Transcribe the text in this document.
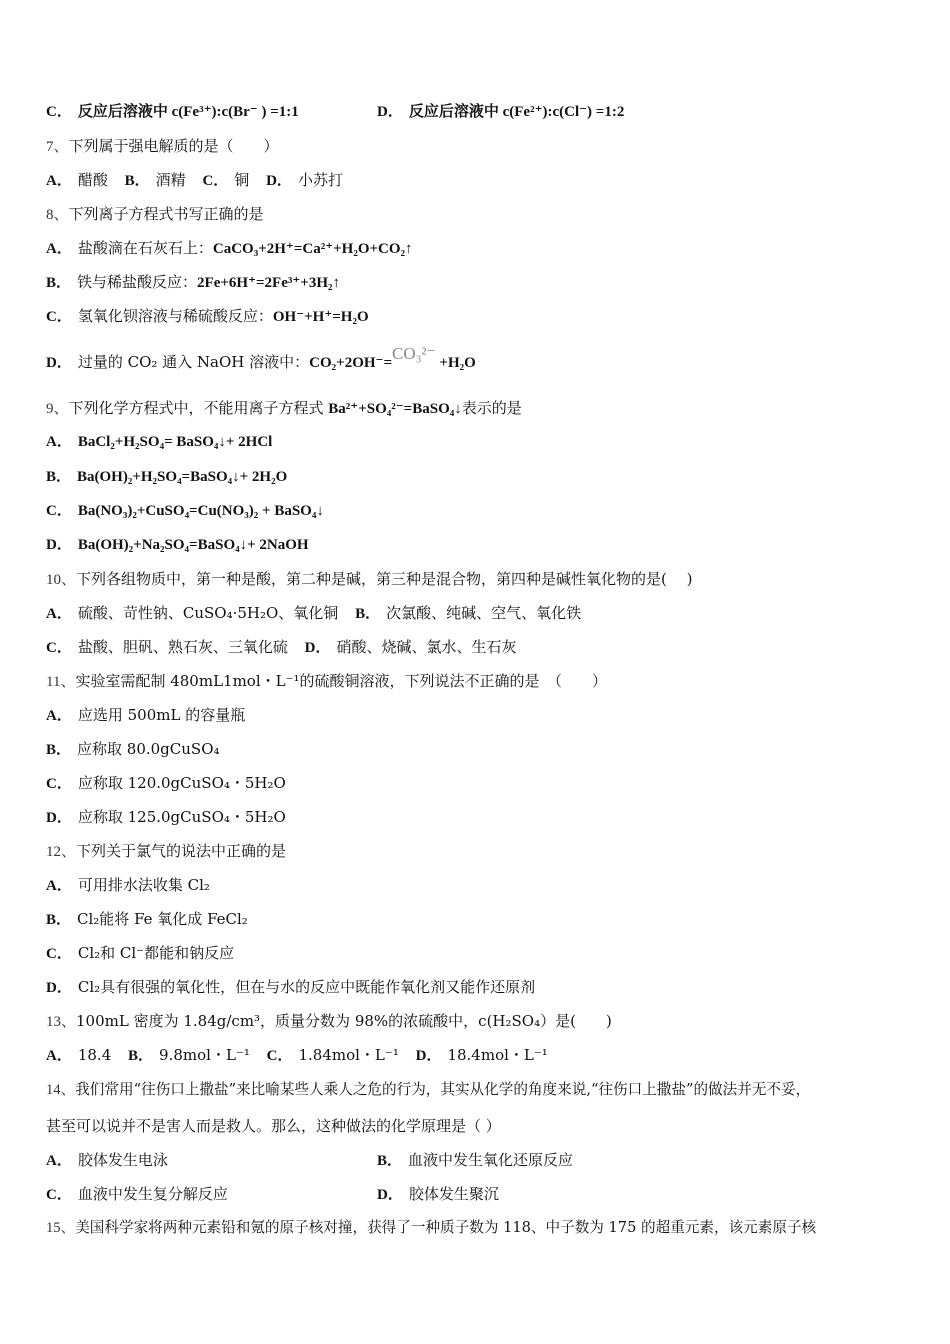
C． 反应后溶液中 c(Fe³⁺):c(Br⁻ ) =1:1	D． 反应后溶液中 c(Fe²⁺):c(Cl⁻) =1:2
7、下列属于强电解质的是（　　）
A． 醋酸 B． 酒精 C． 铜 D． 小苏打
8、下列离子方程式书写正确的是
A． 盐酸滴在石灰石上：CaCO₃+2H⁺=Ca²⁺+H₂O+CO₂↑
B． 铁与稀盐酸反应：2Fe+6H⁺=2Fe³⁺+3H₂↑
C． 氢氧化钡溶液与稀硫酸反应：OH⁻+H⁺=H₂O
D． 过量的 CO₂ 通入 NaOH 溶液中：CO₂+2OH⁻=CO₃²⁻ +H₂O
9、下列化学方程式中，不能用离子方程式 Ba²⁺+SO₄²⁻=BaSO₄↓表示的是
A． BaCl₂+H₂SO₄= BaSO₄↓+ 2HCl
B． Ba(OH)₂+H₂SO₄=BaSO₄↓+ 2H₂O
C． Ba(NO₃)₂+CuSO₄=Cu(NO₃)₂ + BaSO₄↓
D． Ba(OH)₂+Na₂SO₄=BaSO₄↓+ 2NaOH
10、下列各组物质中，第一种是酸，第二种是碱，第三种是混合物，第四种是碱性氧化物的是(　 )
A． 硫酸、苛性钠、CuSO₄·5H₂O、氧化铜 B． 次氯酸、纯碱、空气、氧化铁
C． 盐酸、胆矾、熟石灰、三氧化硫 D． 硝酸、烧碱、氯水、生石灰
11、实验室需配制 480mL1mol・L⁻¹的硫酸铜溶液，下列说法不正确的是　（　　）
A． 应选用 500mL 的容量瓶
B． 应称取 80.0gCuSO₄
C． 应称取 120.0gCuSO₄・5H₂O
D． 应称取 125.0gCuSO₄・5H₂O
12、下列关于氯气的说法中正确的是
A． 可用排水法收集 Cl₂
B． Cl₂能将 Fe 氧化成 FeCl₂
C． Cl₂和 Cl⁻都能和钠反应
D． Cl₂具有很强的氧化性，但在与水的反应中既能作氧化剂又能作还原剂
13、100mL 密度为 1.84g/cm³，质量分数为 98%的浓硫酸中，c(H₂SO₄）是(　　)
A． 18.4 B． 9.8mol・L⁻¹ C． 1.84mol・L⁻¹ D． 18.4mol・L⁻¹
14、我们常用“往伤口上撒盐”来比喻某些人乘人之危的行为，其实从化学的角度来说,“往伤口上撒盐”的做法并无不妥，
甚至可以说并不是害人而是救人。那么，这种做法的化学原理是（ ）
A． 胶体发生电泳	B． 血液中发生氧化还原反应
C． 血液中发生复分解反应	D． 胶体发生聚沉
15、美国科学家将两种元素铅和氪的原子核对撞，获得了一种质子数为 118、中子数为 175 的超重元素，该元素原子核
